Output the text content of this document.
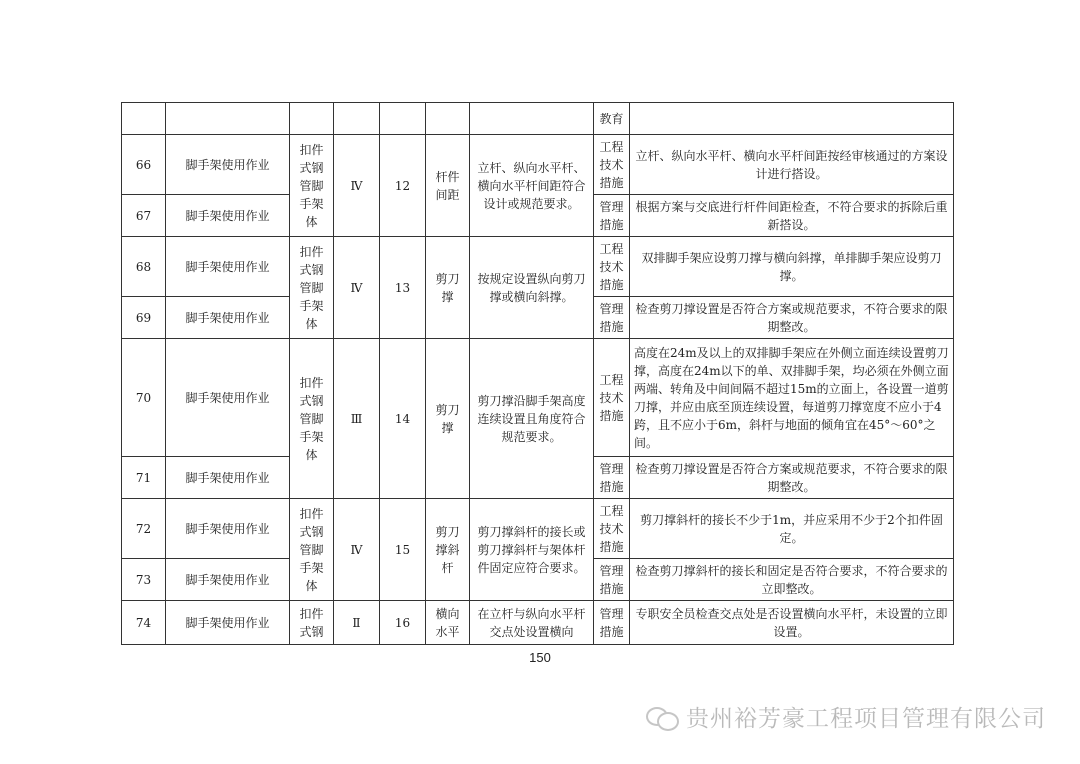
							教育	
66	脚手架使用作业	扣件式钢管脚手架体	Ⅳ	12	杆件间距	立杆、纵向水平杆、横向水平杆间距符合设计或规范要求。	工程技术措施	立杆、纵向水平杆、横向水平杆间距按经审核通过的方案设计进行搭设。
67	脚手架使用作业						管理措施	根据方案与交底进行杆件间距检查，不符合要求的拆除后重新搭设。
68	脚手架使用作业	扣件式钢管脚手架体	Ⅳ	13	剪刀撑	按规定设置纵向剪刀撑或横向斜撑。	工程技术措施	双排脚手架应设剪刀撑与横向斜撑，单排脚手架应设剪刀撑。
69	脚手架使用作业						管理措施	检查剪刀撑设置是否符合方案或规范要求，不符合要求的限期整改。
70	脚手架使用作业	扣件式钢管脚手架体	Ⅲ	14	剪刀撑	剪刀撑沿脚手架高度连续设置且角度符合规范要求。	工程技术措施	高度在24m及以上的双排脚手架应在外侧立面连续设置剪刀撑，高度在24m以下的单、双排脚手架，均必须在外侧立面两端、转角及中间间隔不超过15m的立面上，各设置一道剪刀撑，并应由底至顶连续设置，每道剪刀撑宽度不应小于4跨，且不应小于6m，斜杆与地面的倾角宜在45°～60°之间。
71	脚手架使用作业						管理措施	检查剪刀撑设置是否符合方案或规范要求，不符合要求的限期整改。
72	脚手架使用作业	扣件式钢管脚手架体	Ⅳ	15	剪刀撑斜杆	剪刀撑斜杆的接长或剪刀撑斜杆与架体杆件固定应符合要求。	工程技术措施	剪刀撑斜杆的接长不少于1m，并应采用不少于2个扣件固定。
73	脚手架使用作业						管理措施	检查剪刀撑斜杆的接长和固定是否符合要求，不符合要求的立即整改。
74	脚手架使用作业	扣件式钢	Ⅱ	16	横向水平	在立杆与纵向水平杆交点处设置横向	管理措施	专职安全员检查交点处是否设置横向水平杆，未设置的立即设置。
150
贵州裕芳豪工程项目管理有限公司
